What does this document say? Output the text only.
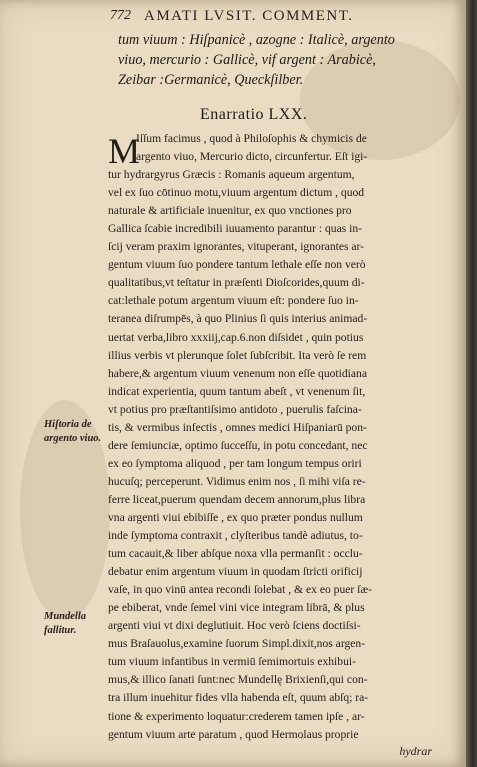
772 AMATI LVSIT. COMMENT.
tum viuum : Hiſpanicè , azogne : Italicè, argento
viuo, mercurio : Gallicè, vif argent : Arabicè,
Zeibar :Germanicè, Queckſilber.
Enarratio LXX.
M
Iſſum facimus , quod à Philoſophis & chymicis de
argento viuo, Mercurio dicto, circunfertur. Eſt igi-
tur hydrargyrus Græcis : Romanis aqueum argentum,
vel ex ſuo cōtinuo motu,viuum argentum dictum , quod
naturale & artificiale inuenitur, ex quo vnctiones pro
Gallica ſcabie incredibili iuuamento parantur : quas in-
ſcij veram praxim ignorantes, vituperant, ignorantes ar-
gentum viuum ſuo pondere tantum lethale eſſe non verò
qualitatibus,vt teſtatur in præſenti Dioſcorides,quum di-
cat:lethale potum argentum viuum eſt: pondere ſuo in-
teranea diſrumpēs, à quo Plinius ſi quis interius animad-
uertat verba,libro xxxiij,cap.6.non diſsidet , quin potius
illius verbis vt plerunque ſolet ſubſcribit. Ita verò ſe rem
habere,& argentum viuum venenum non eſſe quotidiana
indicat experientia, quum tantum abeſt , vt venenum ſit,
vt potius pro præſtantiſsimo antidoto , puerulis faſcina-
tis, & vermibus infectis , omnes medici Hiſpaniarū pon-
dere ſemiunciæ, optimo ſucceſſu, in potu concedant, nec
ex eo ſymptoma aliquod , per tam longum tempus oriri
hucuſq; perceperunt. Vidimus enim nos , ſi mihi viſa re-
ferre liceat,puerum quendam decem annorum,plus libra
vna argenti viui ebibiſſe , ex quo præter pondus nullum
inde ſymptoma contraxit , clyſteribus tandè adiutus, to-
tum cacauit,& liber abſque noxa vlla permanſit : occlu-
debatur enim argentum viuum in quodam ſtricti orificij
vaſe, in quo vinū antea recondi ſolebat , & ex eo puer ſæ-
pe ebiberat, vnde ſemel vini vice integram librā, & plus
argenti viui vt dixi deglutiuit. Hoc verò ſciens doctiſsi-
mus Braſauolus,examine ſuorum Simpl.dixit,nos argen-
tum viuum infantibus in vermiū ſemimortuis exhibui-
mus,& illico ſanati ſunt:nec Mundellę Brixienſi,qui con-
tra illum inuehitur fides vlla habenda eſt, quum abſq; ra-
tione & experimento loquatur:crederem tamen ipſe , ar-
gentum viuum arte paratum , quod Hermolaus proprie
Hiſtoria de argento viuo.
Mundella fallitur.
hydrar
